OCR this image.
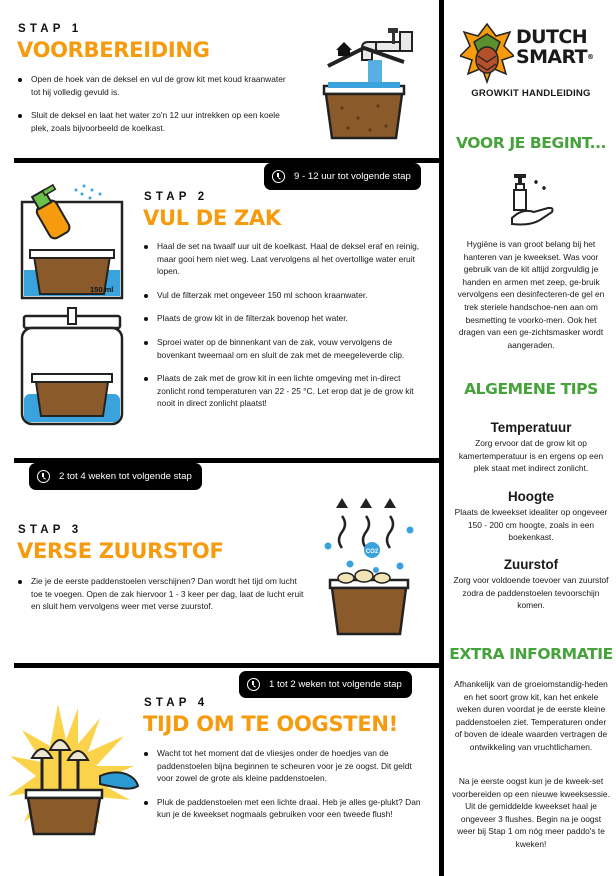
STAP 1
VOORBEREIDING
Open de hoek van de deksel en vul de grow kit met koud kraanwater tot hij volledig gevuld is.
Sluit de deksel en laat het water zo'n 12 uur intrekken op een koele plek, zoals bijvoorbeeld de koelkast.
9 - 12 uur tot volgende stap
STAP 2
VUL DE ZAK
Haal de set na twaalf uur uit de koelkast. Haal de deksel eraf en reinig, maar gooi hem niet weg. Laat vervolgens al het overtollige water eruit lopen.
Vul de filterzak met ongeveer 150 ml schoon kraanwater.
Plaats de grow kit in de filterzak bovenop het water.
Sproei water op de binnenkant van de zak, vouw vervolgens de bovenkant tweemaal om en sluit de zak met de meegeleverde clip.
Plaats de zak met de grow kit in een lichte omgeving met in-direct zonlicht rond temperaturen van 22 - 25 °C. Let erop dat je de grow kit nooit in direct zonlicht plaatst!
150 ml
2 tot 4 weken tot volgende stap
STAP 3
VERSE ZUURSTOF
Zie je de eerste paddenstoelen verschijnen? Dan wordt het tijd om lucht toe te voegen. Open de zak hiervoor 1 - 3 keer per dag, laat de lucht eruit en sluit hem vervolgens weer met verse zuurstof.
CO2
1 tot 2 weken tot volgende stap
STAP 4
TIJD OM TE OOGSTEN!
Wacht tot het moment dat de vliesjes onder de hoedjes van de paddenstoelen bijna beginnen te scheuren voor je ze oogst. Dit geldt voor zowel de grote als kleine paddenstoelen.
Pluk de paddenstoelen met een lichte draai. Heb je alles ge-plukt? Dan kun je de kweekset nogmaals gebruiken voor een tweede flush!
DUTCH
SMART®
GROWKIT HANDLEIDING
VOOR JE BEGINT...
Hygiëne is van groot belang bij het hanteren van je kweekset. Was voor gebruik van de kit altijd zorgvuldig je handen en armen met zeep, ge-bruik vervolgens een desinfecteren-de gel en trek steriele handschoe-nen aan om besmetting te voorko-men. Ook het dragen van een ge-zichtsmasker wordt aangeraden.
ALGEMENE TIPS
Temperatuur
Zorg ervoor dat de grow kit op kamertemperatuur is en ergens op een plek staat met indirect zonlicht.
Hoogte
Plaats de kweekset idealiter op ongeveer 150 - 200 cm hoogte, zoals in een boekenkast.
Zuurstof
Zorg voor voldoende toevoer van zuurstof zodra de paddenstoelen tevoorschijn komen.
EXTRA INFORMATIE
Afhankelijk van de groeiomstandig-heden en het soort grow kit, kan het enkele weken duren voordat je de eerste kleine paddenstoelen ziet. Temperaturen onder of boven de ideale waarden vertragen de ontwikkeling van vruchtlichamen.
Na je eerste oogst kun je de kweek-set voorbereiden op een nieuwe kweeksessie. Uit de gemiddelde kweekset haal je ongeveer 3 flushes. Begin na je oogst weer bij Stap 1 om nóg meer paddo's te kweken!
